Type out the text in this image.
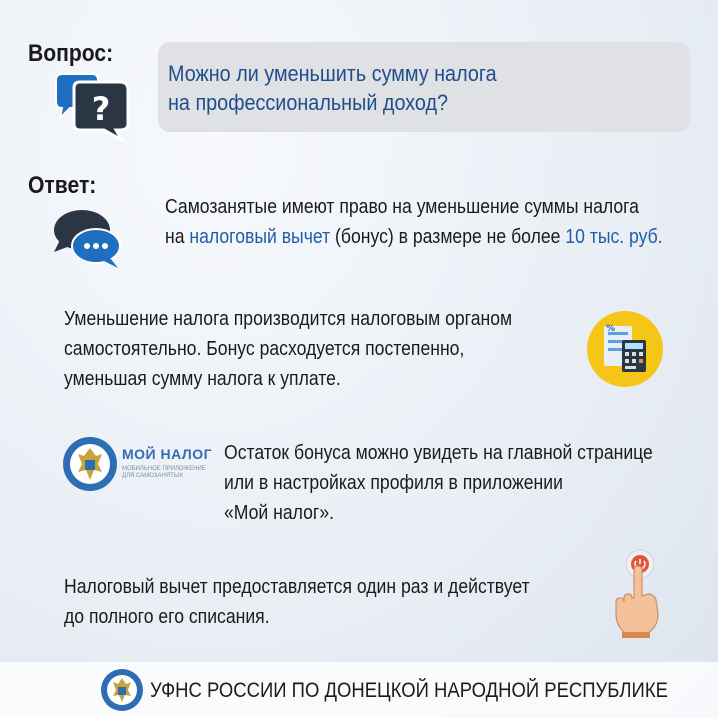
Вопрос:
?
Можно ли уменьшить сумму налога
на профессиональный доход?
Ответ:
Самозанятые имеют право на уменьшение суммы налога
на налоговый вычет (бонус) в размере не более 10 тыс. руб.
Уменьшение налога производится налоговым органом
самостоятельно. Бонус расходуется постепенно,
уменьшая сумму налога к уплате.
%
МОЙ НАЛОГ
МОБИЛЬНОЕ ПРИЛОЖЕНИЕ
ДЛЯ САМОЗАНЯТЫХ
Остаток бонуса можно увидеть на главной странице
или в настройках профиля в приложении
«Мой налог».
Налоговый вычет предоставляется один раз и действует
до полного его списания.
УФНС РОССИИ ПО ДОНЕЦКОЙ НАРОДНОЙ РЕСПУБЛИКЕ
